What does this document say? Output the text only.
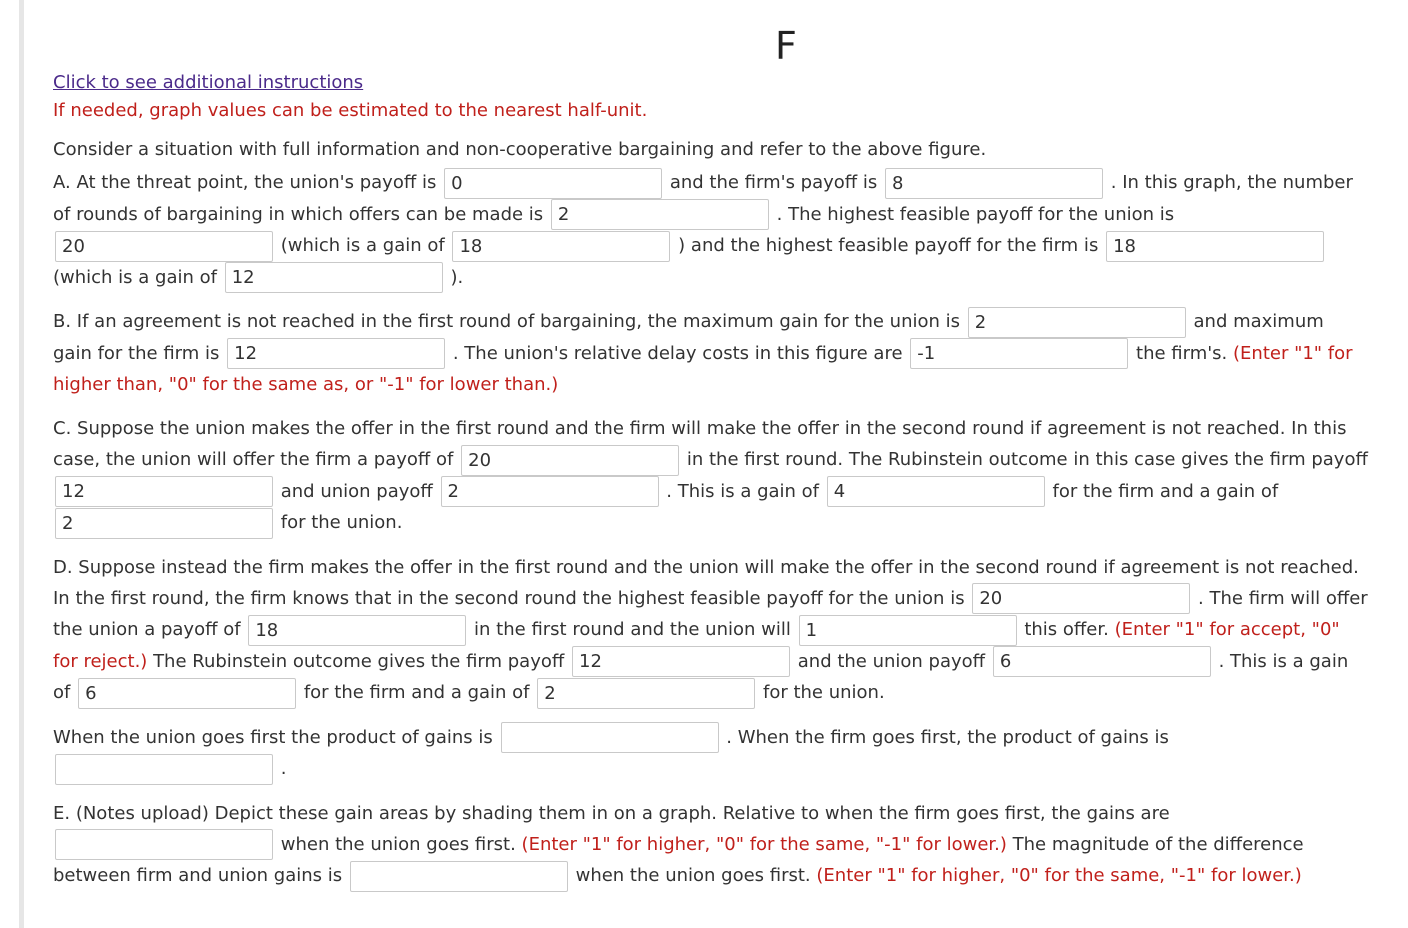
F
Click to see additional instructions

If needed, graph values can be estimated to the nearest half-unit.

Consider a situation with full information and non-cooperative bargaining and refer to the above figure.

A. At the threat point, the union's payoff is 0	and the firm's payoff is 8	. In this graph, the number of rounds of bargaining in which offers can be made is 2	. The highest feasible payoff for the union is 20	(which is a gain of 18	) and the highest feasible payoff for the firm is 18 (which is a gain of 12	).

B. If an agreement is not reached in the first round of bargaining, the maximum gain for the union is 2	and maximum gain for the firm is 12	. The union's relative delay costs in this figure are -1	the firm's. (Enter "1" for higher than, "0" for the same as, or "-1" for lower than.)

C. Suppose the union makes the offer in the first round and the firm will make the offer in the second round if agreement is not reached. In this case, the union will offer the firm a payoff of 20	in the first round. The Rubinstein outcome in this case gives the firm payoff 12	and union payoff 2	. This is a gain of 4	for the firm and a gain of 2	for the union.

D. Suppose instead the firm makes the offer in the first round and the union will make the offer in the second round if agreement is not reached. In the first round, the firm knows that in the second round the highest feasible payoff for the union is 20	. The firm will offer the union a payoff of 18	in the first round and the union will 1	this offer. (Enter "1" for accept, "0" for reject.) The Rubinstein outcome gives the firm payoff 12	and the union payoff 6	. This is a gain of 6	for the firm and a gain of 2	for the union.

When the union goes first the product of gains is	. When the firm goes first, the product of gains is  .

E. (Notes upload) Depict these gain areas by shading them in on a graph. Relative to when the firm goes first, the gains are  when the union goes first. (Enter "1" for higher, "0" for the same, "-1" for lower.) The magnitude of the difference between firm and union gains is	when the union goes first. (Enter "1" for higher, "0" for the same, "-1" for lower.)
